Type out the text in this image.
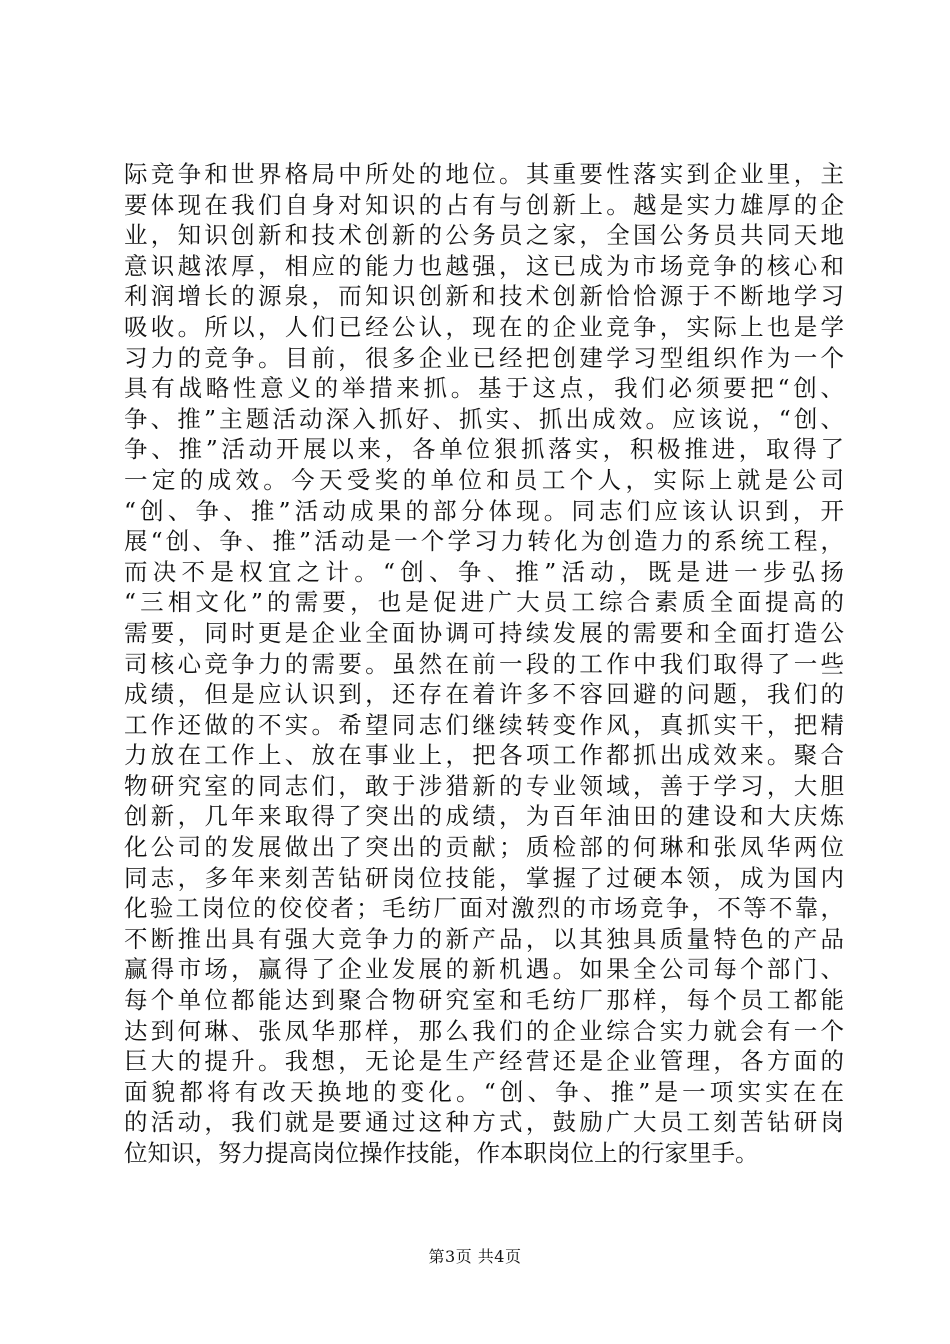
际竞争和世界格局中所处的地位。其重要性落实到企业里，主
要体现在我们自身对知识的占有与创新上。越是实力雄厚的企
业，知识创新和技术创新的公务员之家，全国公务员共同天地
意识越浓厚，相应的能力也越强，这已成为市场竞争的核心和
利润增长的源泉，而知识创新和技术创新恰恰源于不断地学习
吸收。所以，人们已经公认，现在的企业竞争，实际上也是学
习力的竞争。目前，很多企业已经把创建学习型组织作为一个
具有战略性意义的举措来抓。基于这点，我们必须要把“创、
争、推”主题活动深入抓好、抓实、抓出成效。应该说，“创、
争、推”活动开展以来，各单位狠抓落实，积极推进，取得了
一定的成效。今天受奖的单位和员工个人，实际上就是公司
“创、争、推”活动成果的部分体现。同志们应该认识到，开
展“创、争、推”活动是一个学习力转化为创造力的系统工程，
而决不是权宜之计。“创、争、推”活动，既是进一步弘扬
“三相文化”的需要，也是促进广大员工综合素质全面提高的
需要，同时更是企业全面协调可持续发展的需要和全面打造公
司核心竞争力的需要。虽然在前一段的工作中我们取得了一些
成绩，但是应认识到，还存在着许多不容回避的问题，我们的
工作还做的不实。希望同志们继续转变作风，真抓实干，把精
力放在工作上、放在事业上，把各项工作都抓出成效来。聚合
物研究室的同志们，敢于涉猎新的专业领域，善于学习，大胆
创新，几年来取得了突出的成绩，为百年油田的建设和大庆炼
化公司的发展做出了突出的贡献；质检部的何琳和张凤华两位
同志，多年来刻苦钻研岗位技能，掌握了过硬本领，成为国内
化验工岗位的佼佼者；毛纺厂面对激烈的市场竞争，不等不靠，
不断推出具有强大竞争力的新产品，以其独具质量特色的产品
赢得市场，赢得了企业发展的新机遇。如果全公司每个部门、
每个单位都能达到聚合物研究室和毛纺厂那样，每个员工都能
达到何琳、张凤华那样，那么我们的企业综合实力就会有一个
巨大的提升。我想，无论是生产经营还是企业管理，各方面的
面貌都将有改天换地的变化。“创、争、推”是一项实实在在
的活动，我们就是要通过这种方式，鼓励广大员工刻苦钻研岗
位知识，努力提高岗位操作技能，作本职岗位上的行家里手。
第3页 共4页
